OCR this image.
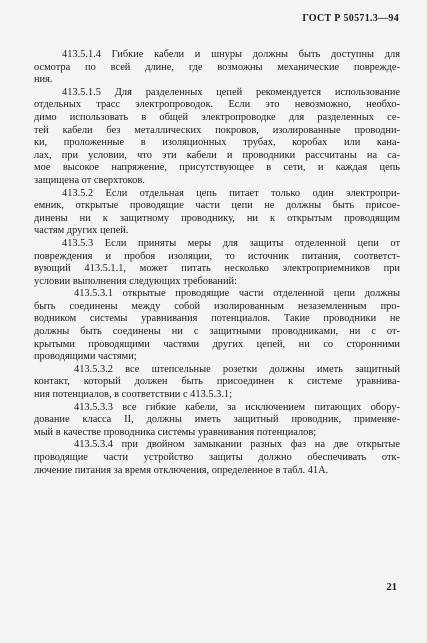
ГОСТ Р 50571.3—94
413.5.1.4 Гибкие кабели и шнуры должны быть доступны для
осмотра по всей длине, где возможны механические поврежде-
ния.
413.5.1.5 Для разделенных цепей рекомендуется использование
отдельных трасс электропроводок. Если это невозможно, необхо-
димо использовать в общей электропроводке для разделенных се-
тей кабели без металлических покровов, изолированные проводни-
ки, проложенные в изоляционных трубах, коробах или кана-
лах, при условии, что эти кабели и проводники рассчитаны на са-
мое высокое напряжение, присутствующее в сети, и каждая цепь
защищена от сверхтоков.
413.5.2 Если отдельная цепь питает только один электропри-
емник, открытые проводящие части цепи не должны быть присое-
динены ни к защитному проводнику, ни к открытым проводящим
частям других цепей.
413.5.3 Если приняты меры для защиты отделенной цепи от
повреждения и пробоя изоляции, то источник питания, соответст-
вующий 413.5.1.1, может питать несколько электроприемников при
условии выполнения следующих требований:
413.5.3.1 открытые проводящие части отделенной цепи должны
быть соединены между собой изолированным незаземленным про-
водником системы уравнивания потенциалов. Такие проводники не
должны быть соединены ни с защитными проводниками, ни с от-
крытыми проводящими частями других цепей, ни со сторонними
проводящими частями;
413.5.3.2 все штепсельные розетки должны иметь защитный
контакт, который должен быть присоединен к системе уравнива-
ния потенциалов, в соответствии с 413.5.3.1;
413.5.3.3 все гибкие кабели, за исключением питающих обору-
дование класса II, должны иметь защитный проводник, применяе-
мый в качестве проводника системы уравнивания потенциалов;
413.5.3.4 при двойном замыкании разных фаз на две открытые
проводящие части устройство защиты должно обеспечивать отк-
лючение питания за время отключения, определенное в табл. 41А.
21
